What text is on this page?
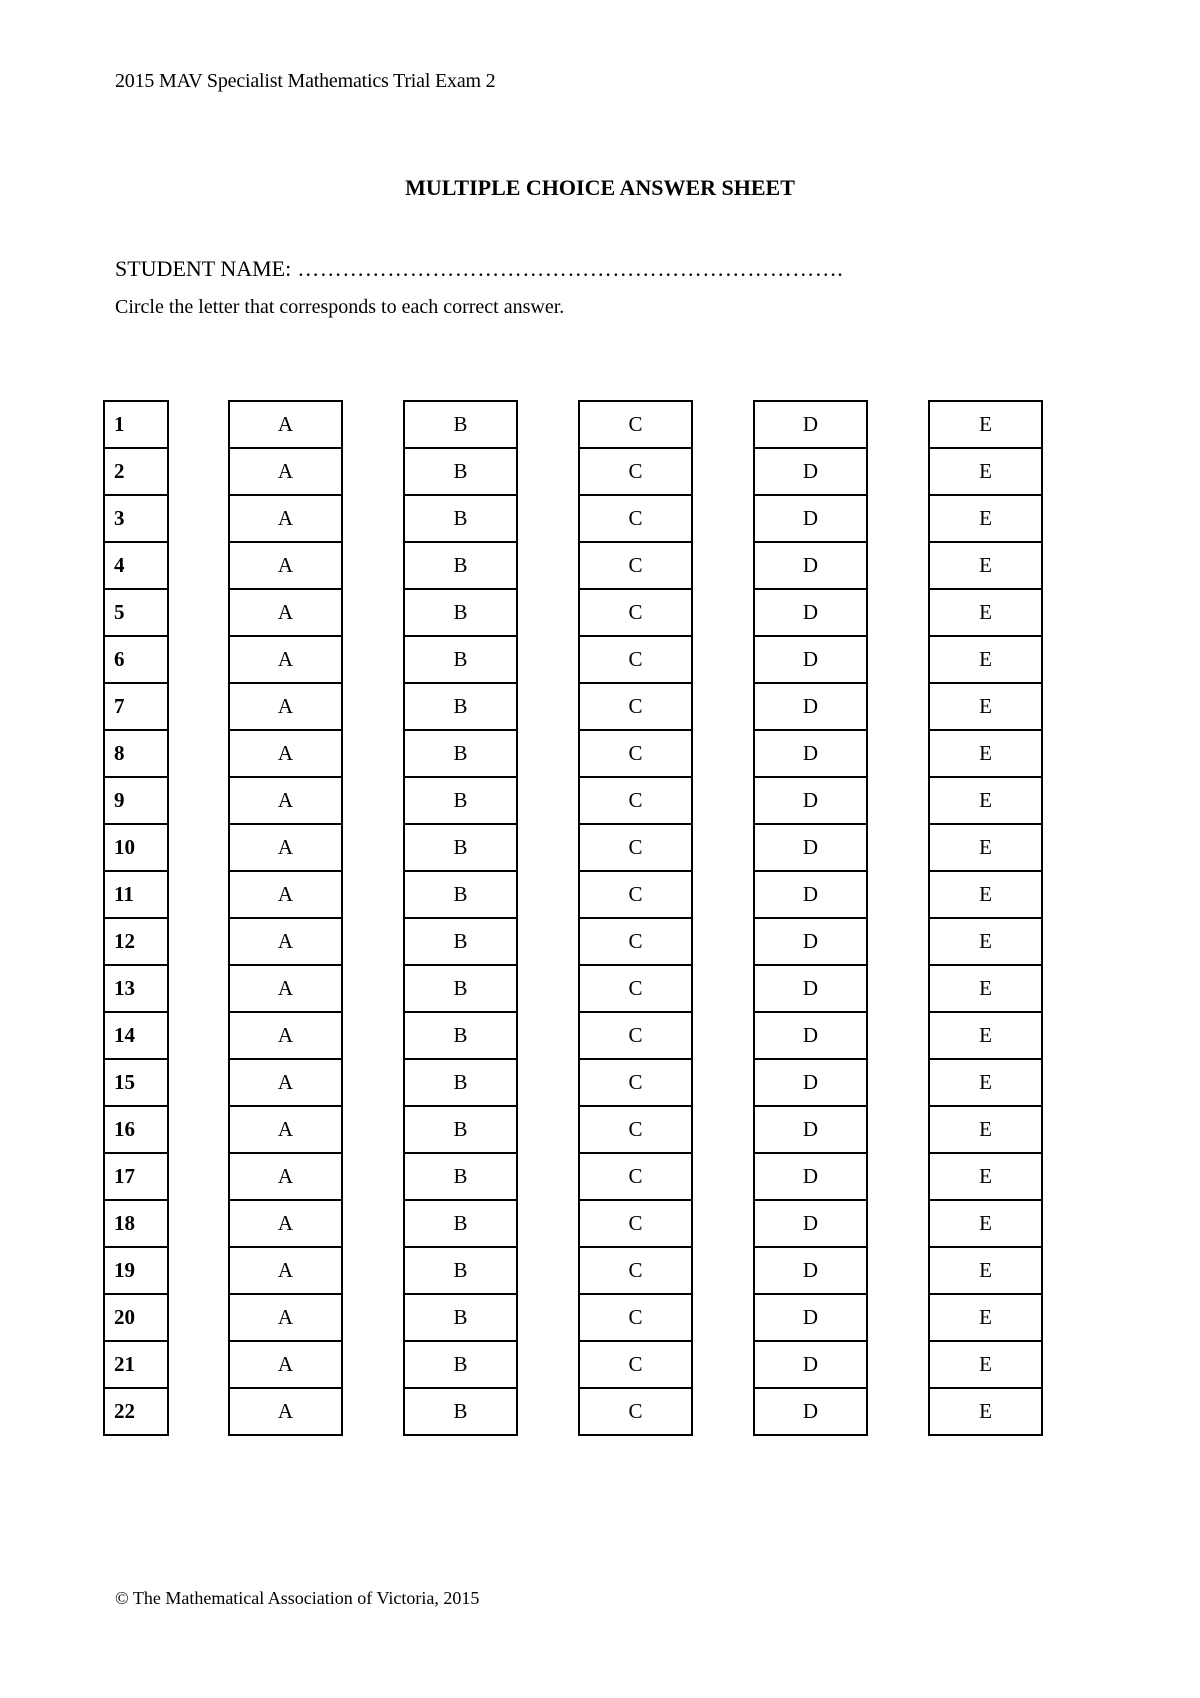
2015 MAV Specialist Mathematics Trial Exam 2
MULTIPLE CHOICE ANSWER SHEET
STUDENT NAME: ……………………………………………………………….
Circle the letter that corresponds to each correct answer.
1
2
3
4
5
6
7
8
9
10
11
12
13
14
15
16
17
18
19
20
21
22
A
A
A
A
A
A
A
A
A
A
A
A
A
A
A
A
A
A
A
A
A
A
B
B
B
B
B
B
B
B
B
B
B
B
B
B
B
B
B
B
B
B
B
B
C
C
C
C
C
C
C
C
C
C
C
C
C
C
C
C
C
C
C
C
C
C
D
D
D
D
D
D
D
D
D
D
D
D
D
D
D
D
D
D
D
D
D
D
E
E
E
E
E
E
E
E
E
E
E
E
E
E
E
E
E
E
E
E
E
E
© The Mathematical Association of Victoria, 2015
